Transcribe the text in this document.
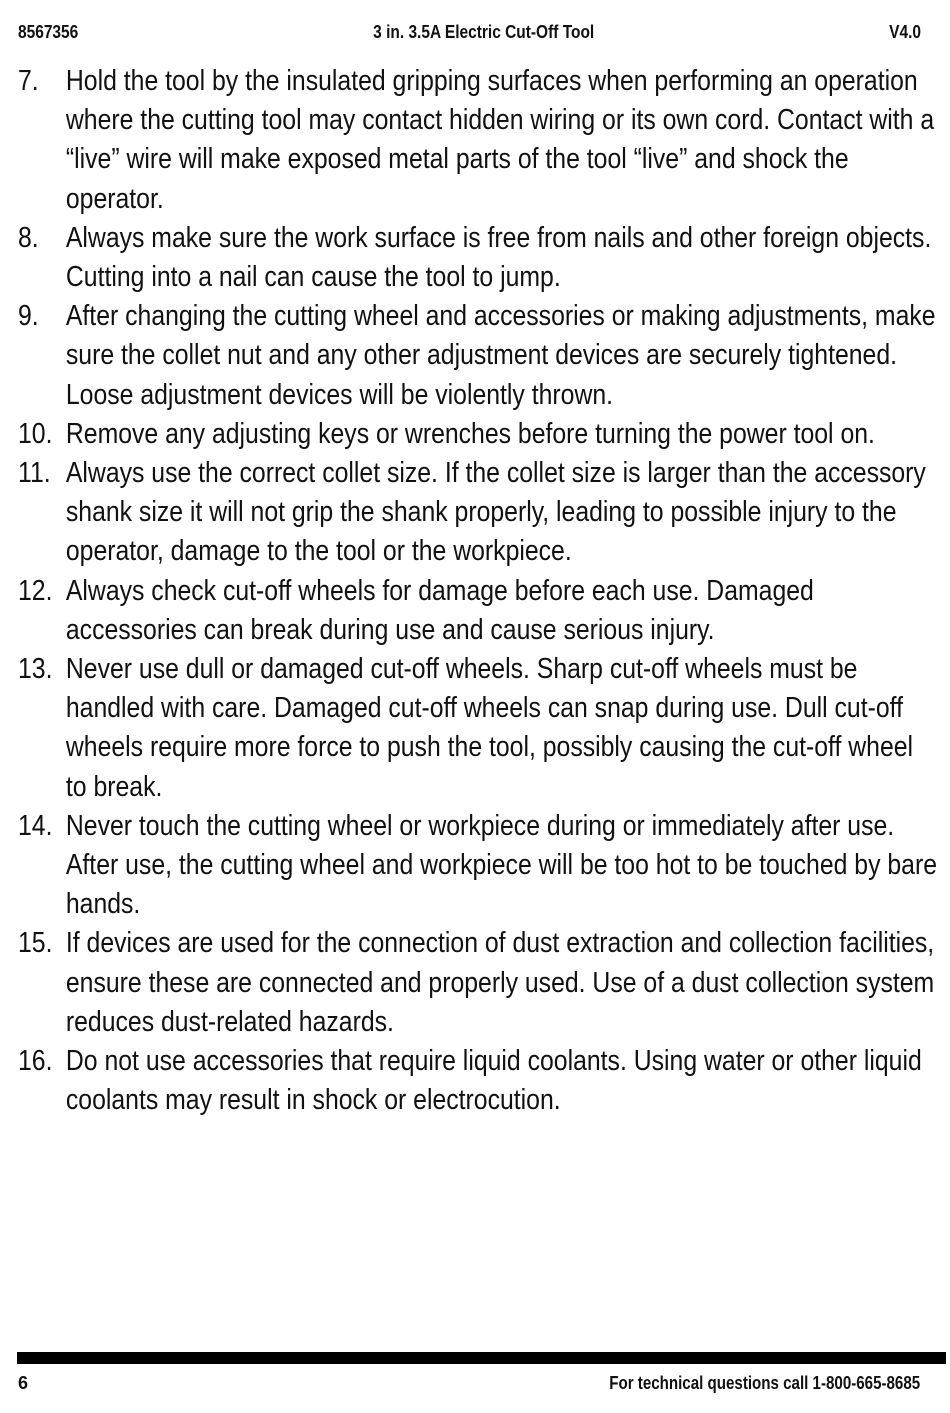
8567356	3 in. 3.5A Electric Cut-Off Tool	V4.0
7. Hold the tool by the insulated gripping surfaces when performing an operation where the cutting tool may contact hidden wiring or its own cord. Contact with a “live” wire will make exposed metal parts of the tool “live” and shock the operator.
8. Always make sure the work surface is free from nails and other foreign objects. Cutting into a nail can cause the tool to jump.
9. After changing the cutting wheel and accessories or making adjustments, make sure the collet nut and any other adjustment devices are securely tightened. Loose adjustment devices will be violently thrown.
10. Remove any adjusting keys or wrenches before turning the power tool on.
11. Always use the correct collet size. If the collet size is larger than the accessory shank size it will not grip the shank properly, leading to possible injury to the operator, damage to the tool or the workpiece.
12. Always check cut-off wheels for damage before each use. Damaged accessories can break during use and cause serious injury.
13. Never use dull or damaged cut-off wheels. Sharp cut-off wheels must be handled with care. Damaged cut-off wheels can snap during use. Dull cut-off wheels require more force to push the tool, possibly causing the cut-off wheel to break.
14. Never touch the cutting wheel or workpiece during or immediately after use. After use, the cutting wheel and workpiece will be too hot to be touched by bare hands.
15. If devices are used for the connection of dust extraction and collection facilities, ensure these are connected and properly used. Use of a dust collection system reduces dust-related hazards.
16. Do not use accessories that require liquid coolants. Using water or other liquid coolants may result in shock or electrocution.
6	For technical questions call 1-800-665-8685
